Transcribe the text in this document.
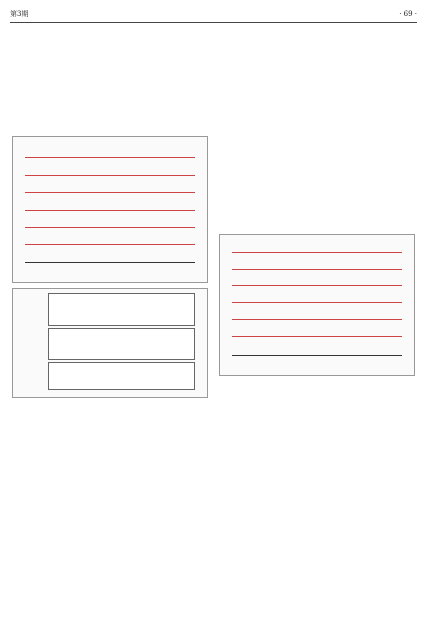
第3期	· 69 ·
